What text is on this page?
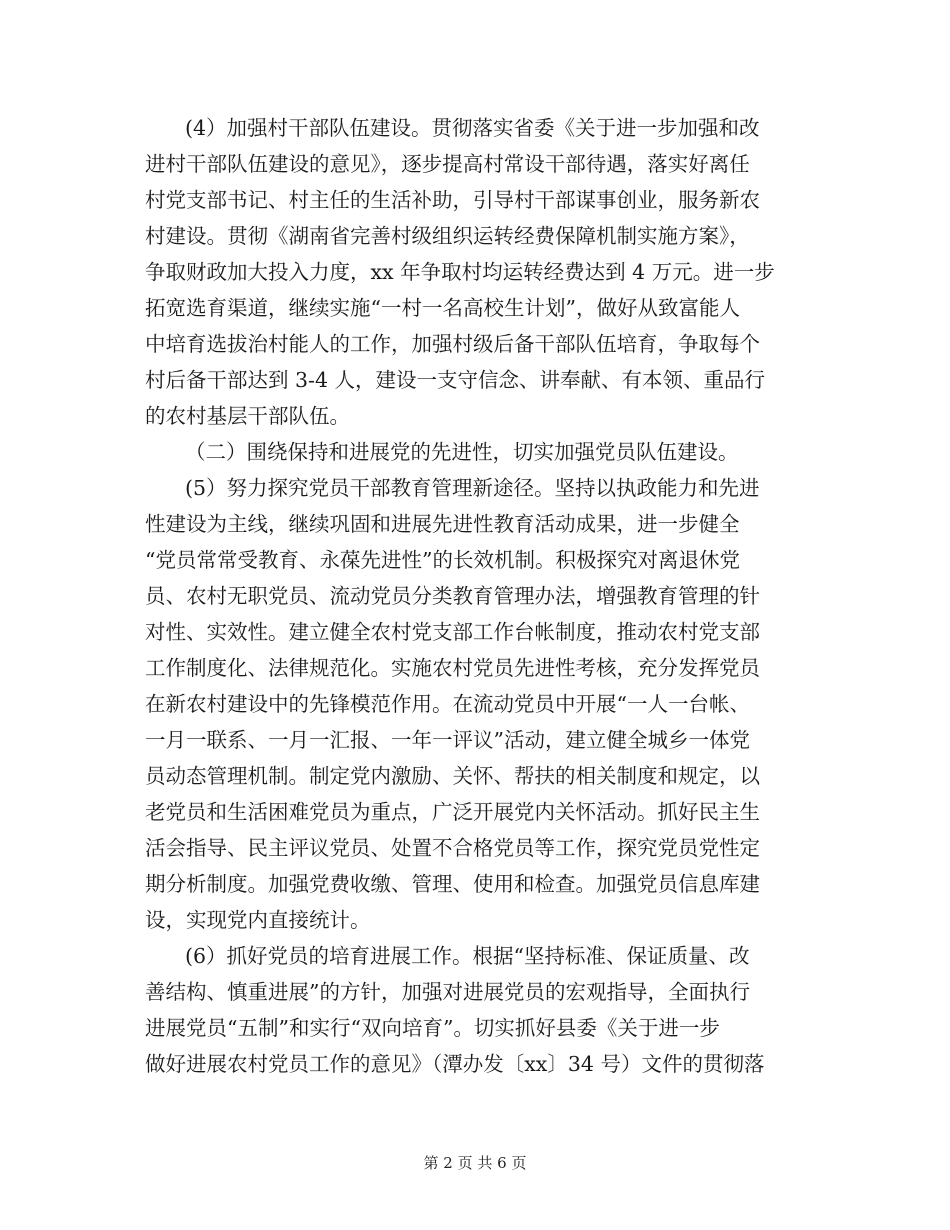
(4）加强村干部队伍建设。贯彻落实省委《关于进一步加强和改
进村干部队伍建设的意见》，逐步提高村常设干部待遇，落实好离任
村党支部书记、村主任的生活补助，引导村干部谋事创业，服务新农
村建设。贯彻《湖南省完善村级组织运转经费保障机制实施方案》，
争取财政加大投入力度，xx 年争取村均运转经费达到 4 万元。进一步
拓宽选育渠道，继续实施“一村一名高校生计划”，做好从致富能人
中培育选拔治村能人的工作，加强村级后备干部队伍培育，争取每个
村后备干部达到 3-4 人，建设一支守信念、讲奉献、有本领、重品行
的农村基层干部队伍。
（二）围绕保持和进展党的先进性，切实加强党员队伍建设。
(5）努力探究党员干部教育管理新途径。坚持以执政能力和先进
性建设为主线，继续巩固和进展先进性教育活动成果，进一步健全
“党员常常受教育、永葆先进性”的长效机制。积极探究对离退休党
员、农村无职党员、流动党员分类教育管理办法，增强教育管理的针
对性、实效性。建立健全农村党支部工作台帐制度，推动农村党支部
工作制度化、法律规范化。实施农村党员先进性考核，充分发挥党员
在新农村建设中的先锋模范作用。在流动党员中开展“一人一台帐、
一月一联系、一月一汇报、一年一评议”活动，建立健全城乡一体党
员动态管理机制。制定党内激励、关怀、帮扶的相关制度和规定，以
老党员和生活困难党员为重点，广泛开展党内关怀活动。抓好民主生
活会指导、民主评议党员、处置不合格党员等工作，探究党员党性定
期分析制度。加强党费收缴、管理、使用和检查。加强党员信息库建
设，实现党内直接统计。
(6）抓好党员的培育进展工作。根据“坚持标准、保证质量、改
善结构、慎重进展”的方针，加强对进展党员的宏观指导，全面执行
进展党员“五制”和实行“双向培育”。切实抓好县委《关于进一步
做好进展农村党员工作的意见》（潭办发〔xx〕34 号）文件的贯彻落
第 2 页 共 6 页
